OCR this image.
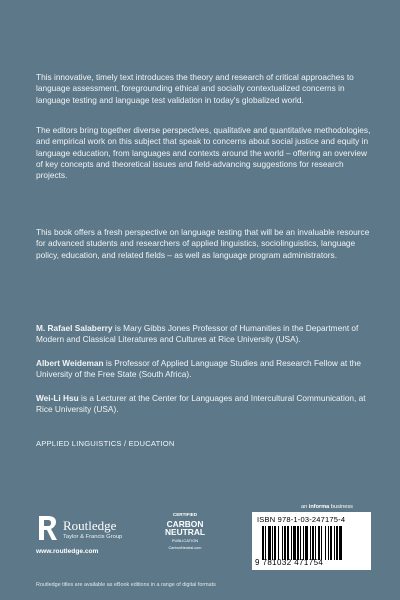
This innovative, timely text introduces the theory and research of critical approaches to language assessment, foregrounding ethical and socially contextualized concerns in language testing and language test validation in today's globalized world.

The editors bring together diverse perspectives, qualitative and quantitative methodologies, and empirical work on this subject that speak to concerns about social justice and equity in language education, from languages and contexts around the world – offering an overview of key concepts and theoretical issues and field-advancing suggestions for research projects.

This book offers a fresh perspective on language testing that will be an invaluable resource for advanced students and researchers of applied linguistics, sociolinguistics, language policy, education, and related fields – as well as language program administrators.

M. Rafael Salaberry is Mary Gibbs Jones Professor of Humanities in the Department of Modern and Classical Literatures and Cultures at Rice University (USA).

Albert Weideman is Professor of Applied Language Studies and Research Fellow at the University of the Free State (South Africa).

Wei-Li Hsu is a Lecturer at the Center for Languages and Intercultural Communication, at Rice University (USA).

APPLIED LINGUISTICS / EDUCATION
Routledge
Taylor & Francis Group
www.routledge.com
CERTIFIED
CARBON
NEUTRAL
PUBLICATION
CarbonNeutral.com
an informa business
ISBN 978-1-03-247175-4
9 781032 471754
Routledge titles are available as eBook editions in a range of digital formats
